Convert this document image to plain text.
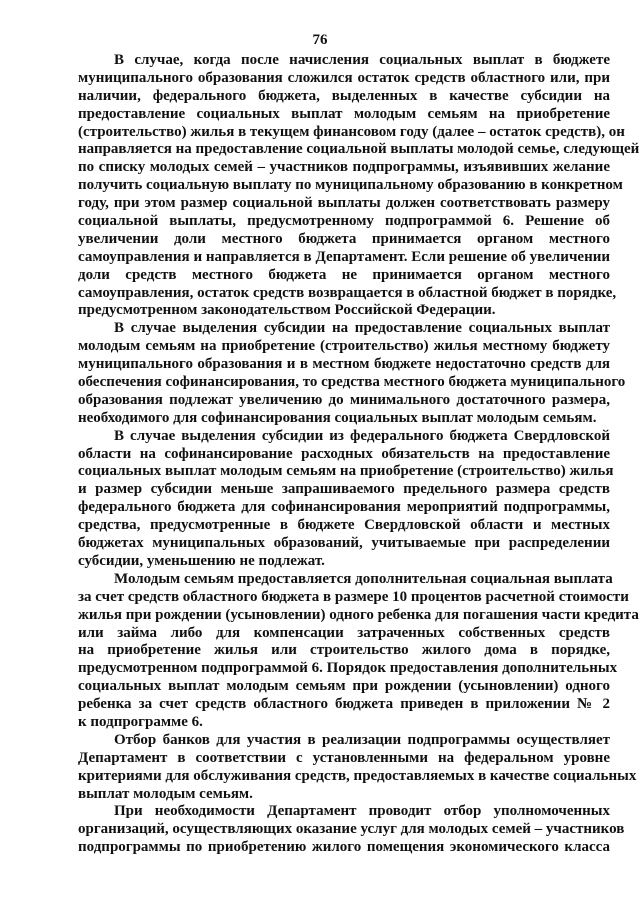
76
В случае, когда после начисления социальных выплат в бюджете
муниципального образования сложился остаток средств областного или, при
наличии, федерального бюджета, выделенных в качестве субсидии на
предоставление социальных выплат молодым семьям на приобретение
(строительство) жилья в текущем финансовом году (далее – остаток средств), он
направляется на предоставление социальной выплаты молодой семье, следующей
по списку молодых семей – участников подпрограммы, изъявивших желание
получить социальную выплату по муниципальному образованию в конкретном
году, при этом размер социальной выплаты должен соответствовать размеру
социальной выплаты, предусмотренному подпрограммой 6. Решение об
увеличении доли местного бюджета принимается органом местного
самоуправления и направляется в Департамент. Если решение об увеличении
доли средств местного бюджета не принимается органом местного
самоуправления, остаток средств возвращается в областной бюджет в порядке,
предусмотренном законодательством Российской Федерации.
В случае выделения субсидии на предоставление социальных выплат
молодым семьям на приобретение (строительство) жилья местному бюджету
муниципального образования и в местном бюджете недостаточно средств для
обеспечения софинансирования, то средства местного бюджета муниципального
образования подлежат увеличению до минимального достаточного размера,
необходимого для софинансирования социальных выплат молодым семьям.
В случае выделения субсидии из федерального бюджета Свердловской
области на софинансирование расходных обязательств на предоставление
социальных выплат молодым семьям на приобретение (строительство) жилья
и размер субсидии меньше запрашиваемого предельного размера средств
федерального бюджета для софинансирования мероприятий подпрограммы,
средства, предусмотренные в бюджете Свердловской области и местных
бюджетах муниципальных образований, учитываемые при распределении
субсидии, уменьшению не подлежат.
Молодым семьям предоставляется дополнительная социальная выплата
за счет средств областного бюджета в размере 10 процентов расчетной стоимости
жилья при рождении (усыновлении) одного ребенка для погашения части кредита
или займа либо для компенсации затраченных собственных средств
на приобретение жилья или строительство жилого дома в порядке,
предусмотренном подпрограммой 6. Порядок предоставления дополнительных
социальных выплат молодым семьям при рождении (усыновлении) одного
ребенка за счет средств областного бюджета приведен в приложении № 2
к подпрограмме 6.
Отбор банков для участия в реализации подпрограммы осуществляет
Департамент в соответствии с установленными на федеральном уровне
критериями для обслуживания средств, предоставляемых в качестве социальных
выплат молодым семьям.
При необходимости Департамент проводит отбор уполномоченных
организаций, осуществляющих оказание услуг для молодых семей – участников
подпрограммы по приобретению жилого помещения экономического класса
